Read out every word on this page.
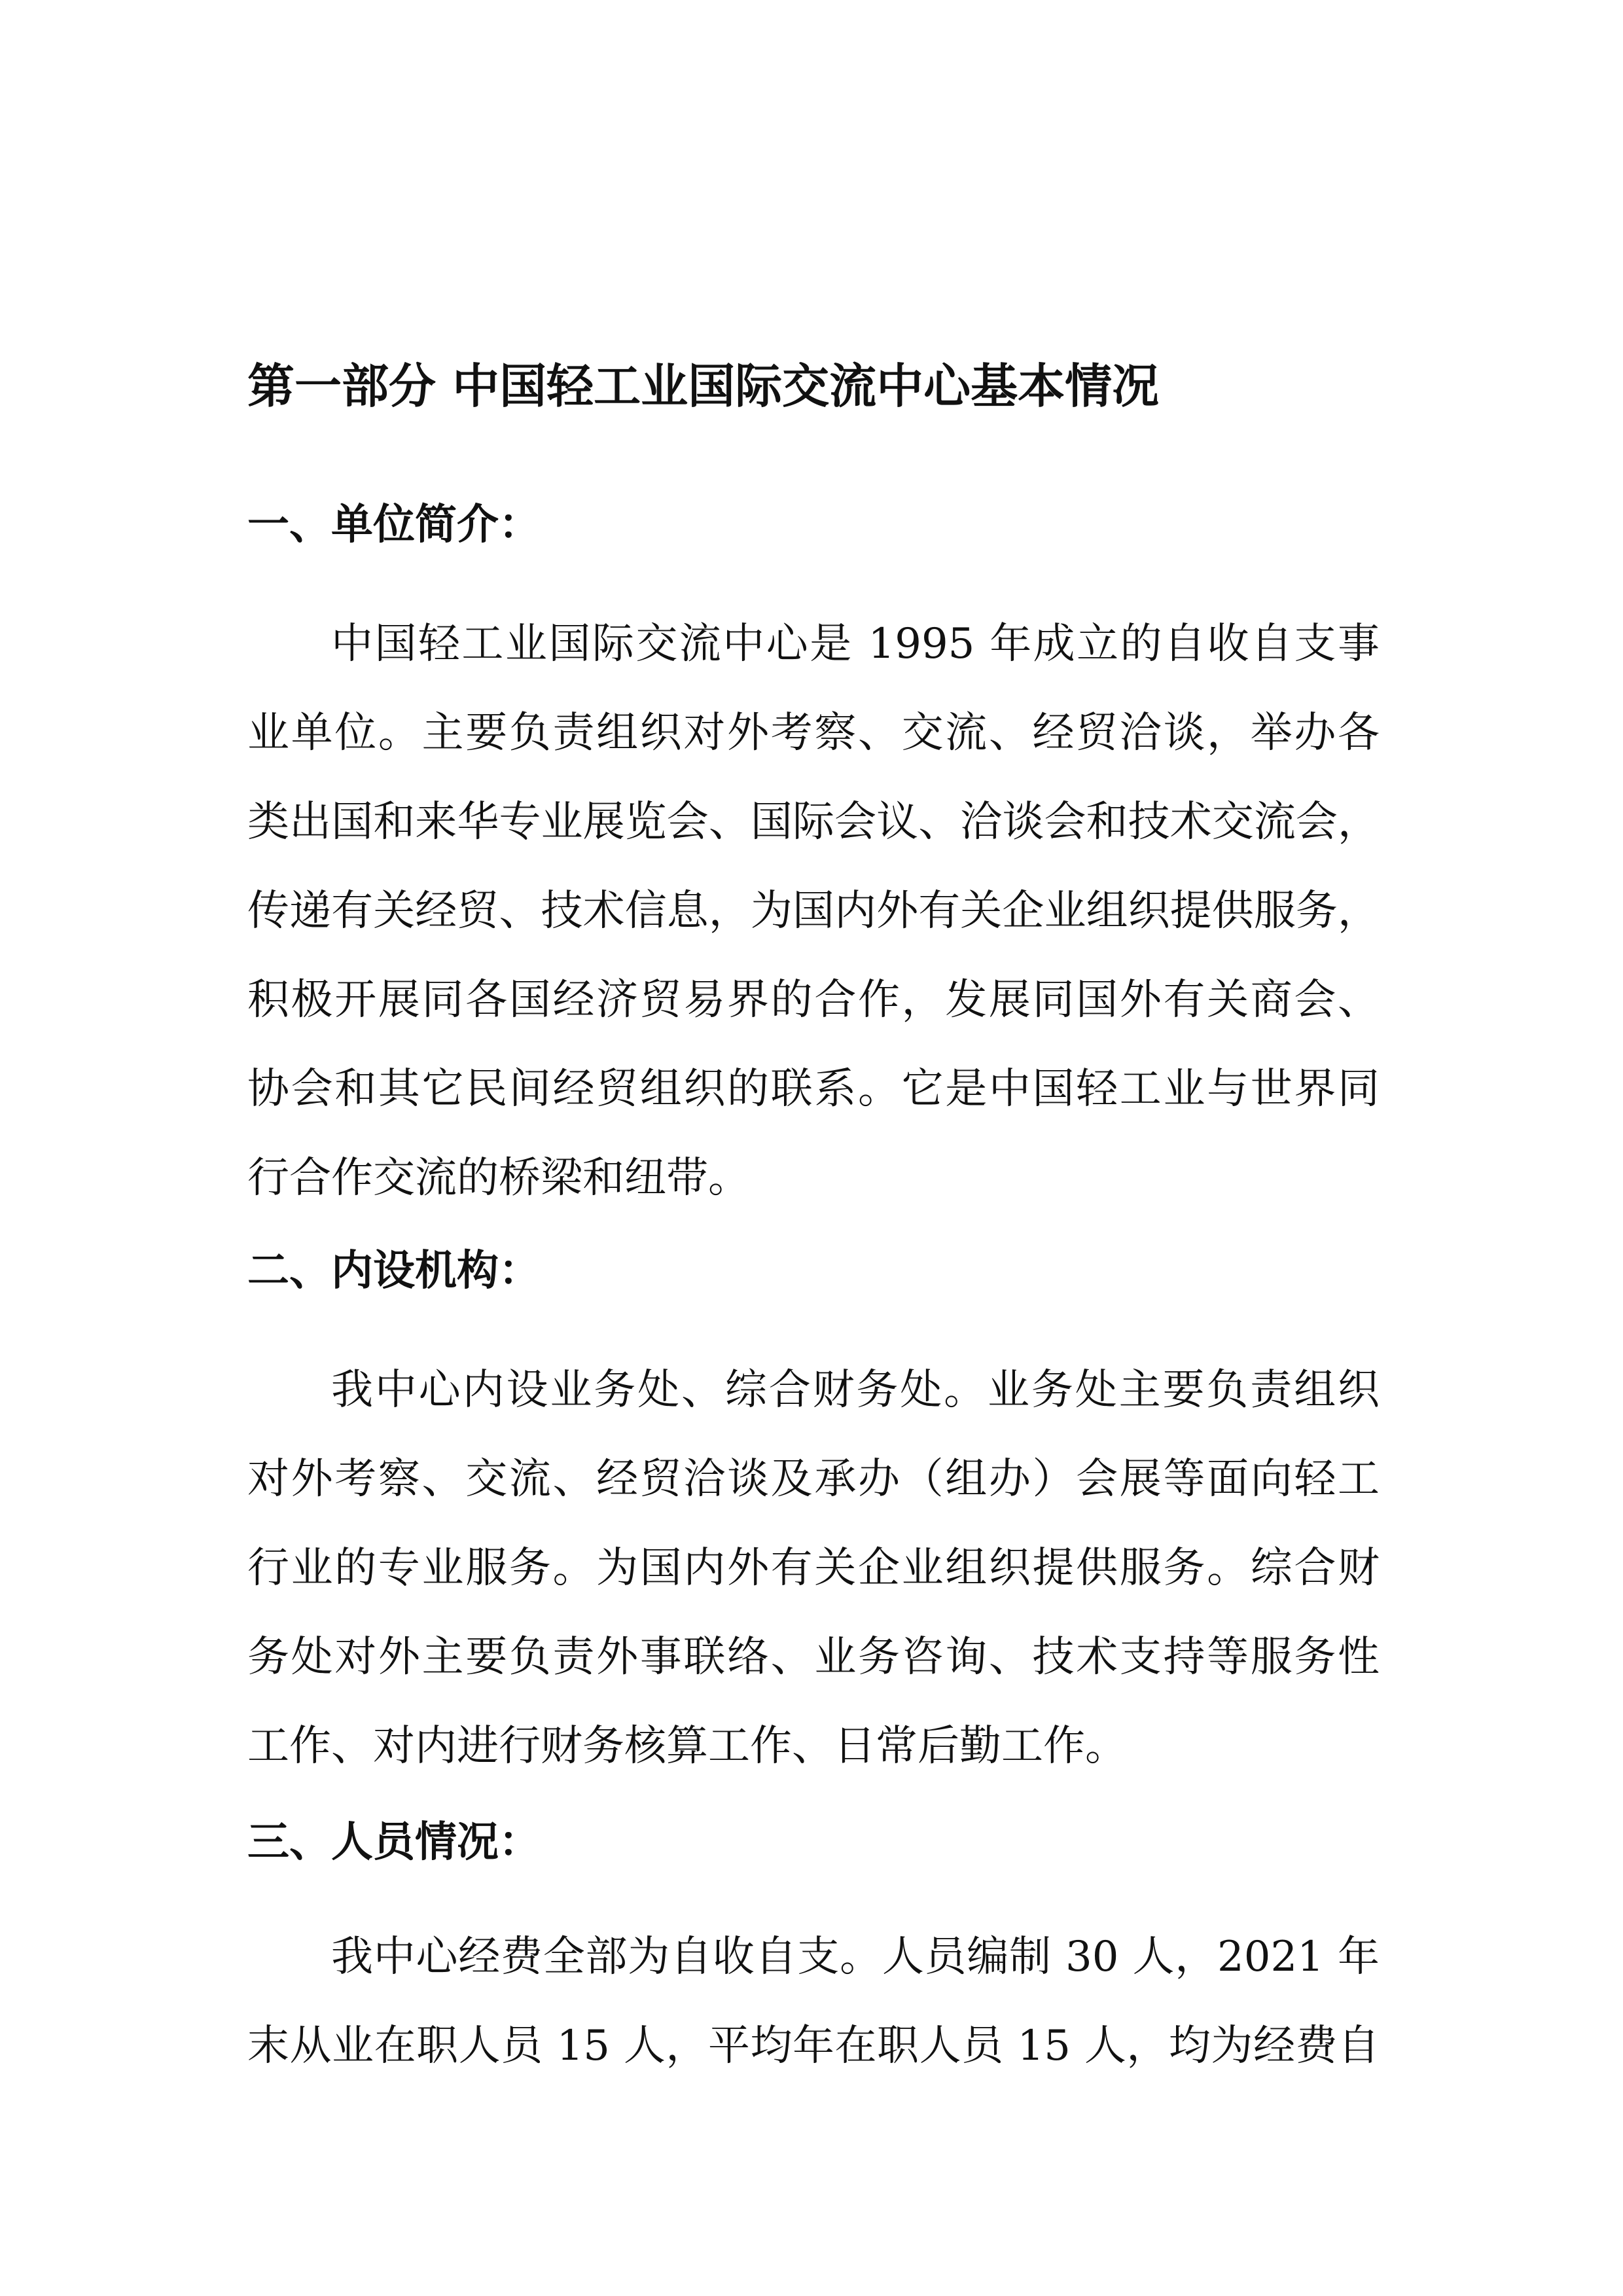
第一部分 中国轻工业国际交流中心基本情况
一、单位简介：
中国轻工业国际交流中心是 1995 年成立的自收自支事
业单位。主要负责组织对外考察、交流、经贸洽谈，举办各
类出国和来华专业展览会、国际会议、洽谈会和技术交流会，
传递有关经贸、技术信息，为国内外有关企业组织提供服务，
积极开展同各国经济贸易界的合作，发展同国外有关商会、
协会和其它民间经贸组织的联系。它是中国轻工业与世界同
行合作交流的桥梁和纽带。
二、内设机构：
我中心内设业务处、综合财务处。业务处主要负责组织
对外考察、交流、经贸洽谈及承办（组办）会展等面向轻工
行业的专业服务。为国内外有关企业组织提供服务。综合财
务处对外主要负责外事联络、业务咨询、技术支持等服务性
工作、对内进行财务核算工作、日常后勤工作。
三、人员情况：
我中心经费全部为自收自支。人员编制 30 人，2021 年
末从业在职人员 15 人，平均年在职人员 15 人，均为经费自
